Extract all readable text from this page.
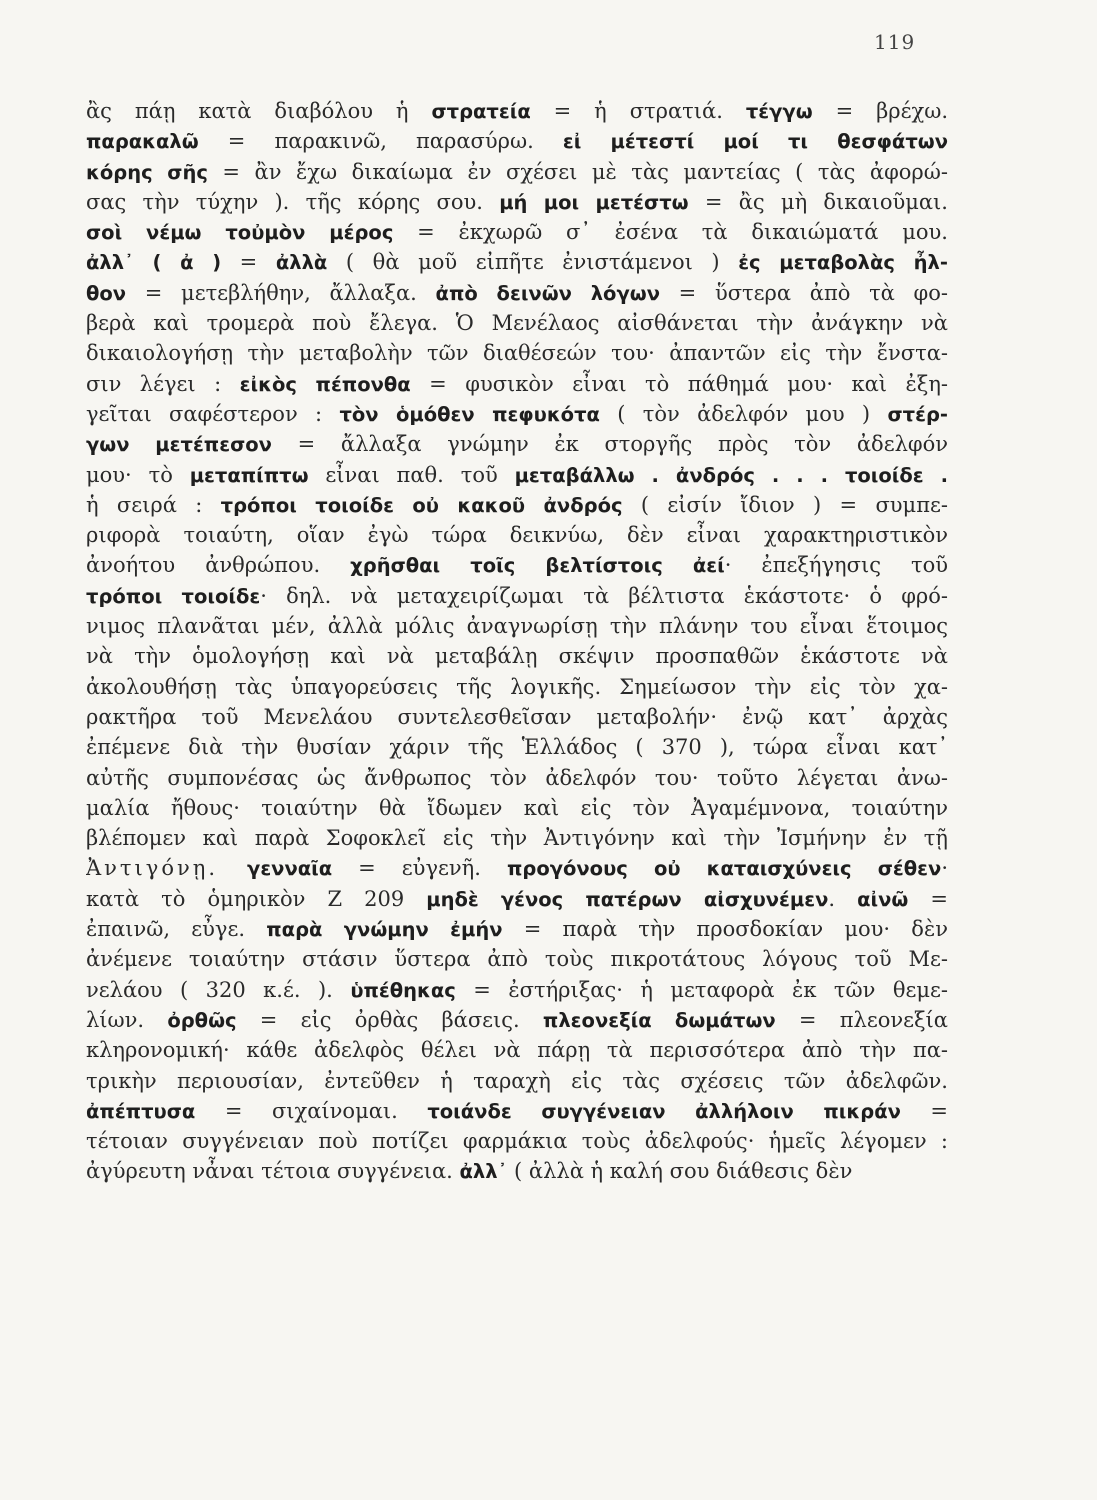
119
ἂς πάῃ κατὰ διαβόλου ἡ στρατεία = ἡ στρατιά. τέγγω = βρέχω.
παρακαλῶ = παρακινῶ, παρασύρω. εἰ μέτεστί μοί τι θεσφάτων
κόρης σῆς = ἂν ἔχω δικαίωμα ἐν σχέσει μὲ τὰς μαντείας ( τὰς ἀφορώ-
σας τὴν τύχην ). τῆς κόρης σου. μή μοι μετέστω = ἂς μὴ δικαιοῦμαι.
σοὶ νέμω τοὐμὸν μέρος = ἐκχωρῶ σ᾽ ἐσένα τὰ δικαιώματά μου.
ἀλλ᾽ ( ἀ ) = ἀλλὰ ( θὰ μοῦ εἰπῆτε ἐνιστάμενοι ) ἐς μεταβολὰς ἦλ-
θον = μετεβλήθην, ἄλλαξα. ἀπὸ δεινῶν λόγων = ὕστερα ἀπὸ τὰ φο-
βερὰ καὶ τρομερὰ ποὺ ἔλεγα. Ὁ Μενέλαος αἰσθάνεται τὴν ἀνάγκην νὰ
δικαιολογήσῃ τὴν μεταβολὴν τῶν διαθέσεών του· ἀπαντῶν εἰς τὴν ἔνστα-
σιν λέγει : εἰκὸς πέπονθα = φυσικὸν εἶναι τὸ πάθημά μου· καὶ ἐξη-
γεῖται σαφέστερον : τὸν ὁμόθεν πεφυκότα ( τὸν ἀδελφόν μου ) στέρ-
γων μετέπεσον = ἄλλαξα γνώμην ἐκ στοργῆς πρὸς τὸν ἀδελφόν
μου· τὸ μεταπίπτω εἶναι παθ. τοῦ μεταβάλλω . ἀνδρός . . . τοιοίδε .
ἡ σειρά : τρόποι τοιοίδε οὐ κακοῦ ἀνδρός ( εἰσίν ἴδιον ) = συμπε-
ριφορὰ τοιαύτη, οἵαν ἐγὼ τώρα δεικνύω, δὲν εἶναι χαρακτηριστικὸν
ἀνοήτου ἀνθρώπου. χρῆσθαι τοῖς βελτίστοις ἀεί· ἐπεξήγησις τοῦ
τρόποι τοιοίδε· δηλ. νὰ μεταχειρίζωμαι τὰ βέλτιστα ἑκάστοτε· ὁ φρό-
νιμος πλανᾶται μέν, ἀλλὰ μόλις ἀναγνωρίσῃ τὴν πλάνην του εἶναι ἕτοιμος
νὰ τὴν ὁμολογήσῃ καὶ νὰ μεταβάλῃ σκέψιν προσπαθῶν ἑκάστοτε νὰ
ἀκολουθήσῃ τὰς ὑπαγορεύσεις τῆς λογικῆς. Σημείωσον τὴν εἰς τὸν χα-
ρακτῆρα τοῦ Μενελάου συντελεσθεῖσαν μεταβολήν· ἐνῷ κατ᾽ ἀρχὰς
ἐπέμενε διὰ τὴν θυσίαν χάριν τῆς Ἑλλάδος ( 370 ), τώρα εἶναι κατ᾽
αὐτῆς συμπονέσας ὡς ἄνθρωπος τὸν ἀδελφόν του· τοῦτο λέγεται ἀνω-
μαλία ἤθους· τοιαύτην θὰ ἴδωμεν καὶ εἰς τὸν Ἀγαμέμνονα, τοιαύτην
βλέπομεν καὶ παρὰ Σοφοκλεῖ εἰς τὴν Ἀντιγόνην καὶ τὴν Ἰσμήνην ἐν τῇ
Ἀντιγόνῃ. γενναῖα = εὐγενῆ. προγόνους οὐ καταισχύνεις σέθεν·
κατὰ τὸ ὁμηρικὸν Ζ 209 μηδὲ γένος πατέρων αἰσχυνέμεν. αἰνῶ =
ἐπαινῶ, εὖγε. παρὰ γνώμην ἐμήν = παρὰ τὴν προσδοκίαν μου· δὲν
ἀνέμενε τοιαύτην στάσιν ὕστερα ἀπὸ τοὺς πικροτάτους λόγους τοῦ Με-
νελάου ( 320 κ.έ. ). ὑπέθηκας = ἐστήριξας· ἡ μεταφορὰ ἐκ τῶν θεμε-
λίων. ὀρθῶς = εἰς ὀρθὰς βάσεις. πλεονεξία δωμάτων = πλεονεξία
κληρονομική· κάθε ἀδελφὸς θέλει νὰ πάρῃ τὰ περισσότερα ἀπὸ τὴν πα-
τρικὴν περιουσίαν, ἐντεῦθεν ἡ ταραχὴ εἰς τὰς σχέσεις τῶν ἀδελφῶν.
ἀπέπτυσα = σιχαίνομαι. τοιάνδε συγγένειαν ἀλλήλοιν πικράν =
τέτοιαν συγγένειαν ποὺ ποτίζει φαρμάκια τοὺς ἀδελφούς· ἡμεῖς λέγομεν :
ἀγύρευτη νἆναι τέτοια συγγένεια. ἀλλ᾽ ( ἀλλὰ ἡ καλή σου διάθεσις δὲν
